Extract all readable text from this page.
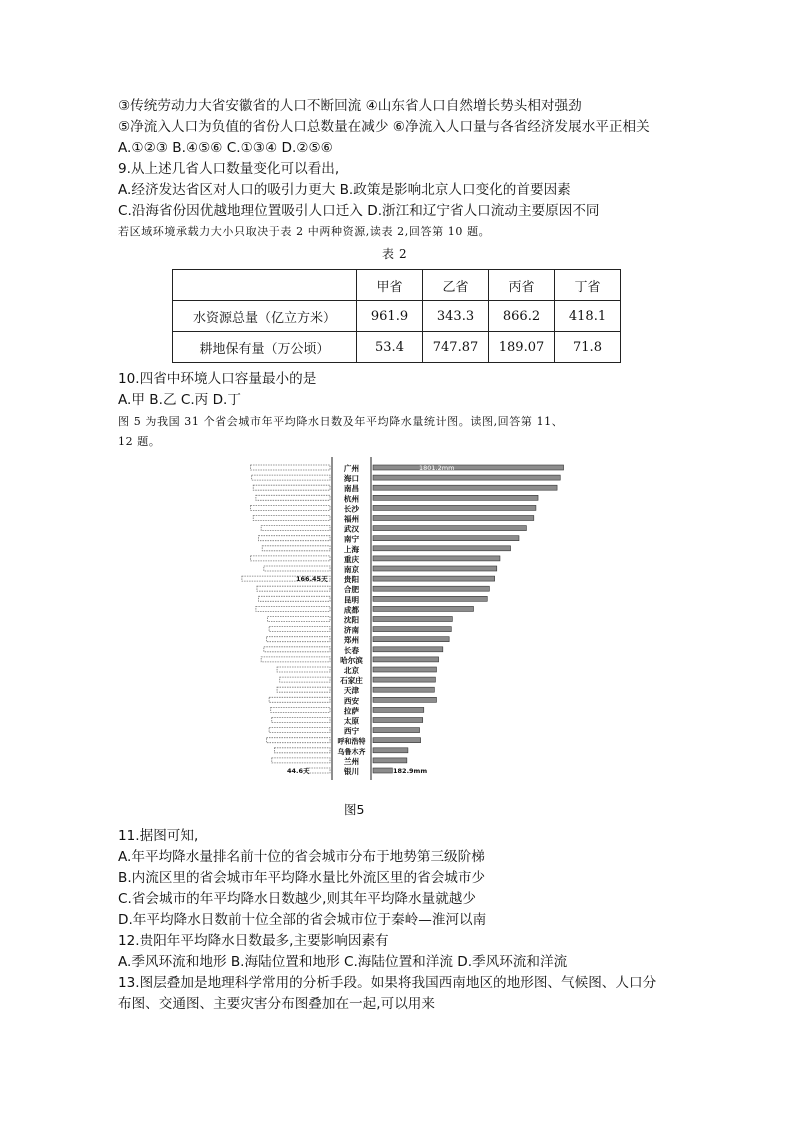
③传统劳动力大省安徽省的人口不断回流 ④山东省人口自然增长势头相对强劲
⑤净流入人口为负值的省份人口总数量在减少 ⑥净流入人口量与各省经济发展水平正相关
A.①②③ B.④⑤⑥ C.①③④ D.②⑤⑥
9.从上述几省人口数量变化可以看出,
A.经济发达省区对人口的吸引力更大 B.政策是影响北京人口变化的首要因素
C.沿海省份因优越地理位置吸引人口迁入 D.浙江和辽宁省人口流动主要原因不同
若区域环境承载力大小只取决于表 2 中两种资源,读表 2,回答第 10 题。
表 2
	甲省	乙省	丙省	丁省
水资源总量（亿立方米）	961.9	343.3	866.2	418.1
耕地保有量（万公顷）	53.4	747.87	189.07	71.8
10.四省中环境人口容量最小的是
A.甲 B.乙 C.丙 D.丁
图 5 为我国 31 个省会城市年平均降水日数及年平均降水量统计图。读图,回答第 11、
12 题。
广州
海口
南昌
杭州
长沙
福州
武汉
南宁
上海
重庆
南京
贵阳
合肥
昆明
成都
沈阳
济南
郑州
长春
哈尔滨
北京
石家庄
天津
西安
拉萨
太原
西宁
呼和浩特
乌鲁木齐
兰州
银川
1801.2mm
166.45天
44.6天	182.9mm
图5
11.据图可知,
A.年平均降水量排名前十位的省会城市分布于地势第三级阶梯
B.内流区里的省会城市年平均降水量比外流区里的省会城市少
C.省会城市的年平均降水日数越少,则其年平均降水量就越少
D.年平均降水日数前十位全部的省会城市位于秦岭—淮河以南
12.贵阳年平均降水日数最多,主要影响因素有
A.季风环流和地形 B.海陆位置和地形 C.海陆位置和洋流 D.季风环流和洋流
13.图层叠加是地理科学常用的分析手段。如果将我国西南地区的地形图、气候图、人口分
布图、交通图、主要灾害分布图叠加在一起,可以用来
